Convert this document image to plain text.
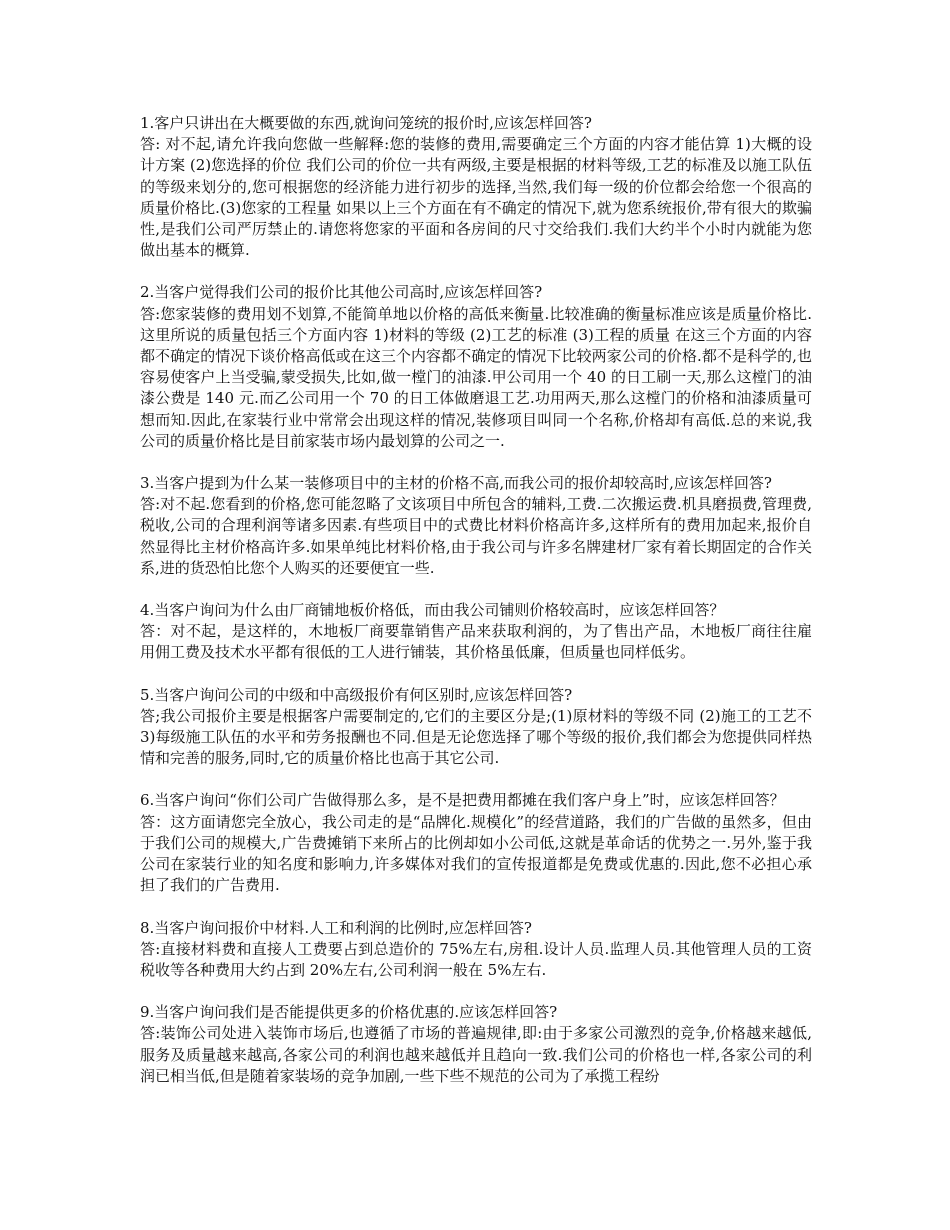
1.客户只讲出在大概要做的东西,就询问笼统的报价时,应该怎样回答?

答: 对不起,请允许我向您做一些解释:您的装修的费用,需要确定三个方面的内容才能估算 1)大概的设计方案 (2)您选择的价位 我们公司的价位一共有两级,主要是根据的材料等级,工艺的标准及以施工队伍的等级来划分的,您可根据您的经济能力进行初步的选择,当然,我们每一级的价位都会给您一个很高的质量价格比.(3)您家的工程量 如果以上三个方面在有不确定的情况下,就为您系统报价,带有很大的欺骗性,是我们公司严厉禁止的.请您将您家的平面和各房间的尺寸交给我们.我们大约半个小时内就能为您做出基本的概算.

2.当客户觉得我们公司的报价比其他公司高时,应该怎样回答?

答:您家装修的费用划不划算,不能简单地以价格的高低来衡量.比较准确的衡量标准应该是质量价格比.这里所说的质量包括三个方面内容 1)材料的等级 (2)工艺的标准 (3)工程的质量 在这三个方面的内容都不确定的情况下谈价格高低或在这三个内容都不确定的情况下比较两家公司的价格.都不是科学的,也容易使客户上当受骗,蒙受损失,比如,做一樘门的油漆.甲公司用一个 40 的日工刷一天,那么这樘门的油漆公费是 140 元.而乙公司用一个 70 的日工体做磨退工艺.功用两天,那么这樘门的价格和油漆质量可想而知.因此,在家装行业中常常会出现这样的情况,装修项目叫同一个名称,价格却有高低.总的来说,我公司的质量价格比是目前家装市场内最划算的公司之一.

3.当客户提到为什么某一装修项目中的主材的价格不高,而我公司的报价却较高时,应该怎样回答?

答:对不起.您看到的价格,您可能忽略了文该项目中所包含的辅料,工费.二次搬运费.机具磨损费,管理费,税收,公司的合理利润等诸多因素.有些项目中的式费比材料价格高许多,这样所有的费用加起来,报价自然显得比主材价格高许多.如果单纯比材料价格,由于我公司与许多名牌建材厂家有着长期固定的合作关系,进的货恐怕比您个人购买的还要便宜一些.

4.当客户询问为什么由厂商铺地板价格低，而由我公司铺则价格较高时，应该怎样回答？

答：对不起，是这样的，木地板厂商要靠销售产品来获取利润的，为了售出产品，木地板厂商往往雇用佣工费及技术水平都有很低的工人进行铺装，其价格虽低廉，但质量也同样低劣。

5.当客户询问公司的中级和中高级报价有何区别时,应该怎样回答?

答;我公司报价主要是根据客户需要制定的,它们的主要区分是;(1)原材料的等级不同 (2)施工的工艺不 3)每级施工队伍的水平和劳务报酬也不同.但是无论您选择了哪个等级的报价,我们都会为您提供同样热情和完善的服务,同时,它的质量价格比也高于其它公司.

6.当客户询问“你们公司广告做得那么多，是不是把费用都摊在我们客户身上”时，应该怎样回答？

答：这方面请您完全放心，我公司走的是“品牌化.规模化”的经营道路，我们的广告做的虽然多，但由于我们公司的规模大,广告费摊销下来所占的比例却如小公司低,这就是革命话的优势之一.另外,鉴于我公司在家装行业的知名度和影响力,许多媒体对我们的宣传报道都是免费或优惠的.因此,您不必担心承担了我们的广告费用.

8.当客户询问报价中材料.人工和利润的比例时,应怎样回答?

答:直接材料费和直接人工费要占到总造价的 75%左右,房租.设计人员.监理人员.其他管理人员的工资税收等各种费用大约占到 20%左右,公司利润一般在 5%左右.

9.当客户询问我们是否能提供更多的价格优惠的.应该怎样回答?

答:装饰公司处进入装饰市场后,也遵循了市场的普遍规律,即:由于多家公司激烈的竞争,价格越来越低,服务及质量越来越高,各家公司的利润也越来越低并且趋向一致.我们公司的价格也一样,各家公司的利润已相当低,但是随着家装场的竞争加剧,一些下些不规范的公司为了承揽工程纷
